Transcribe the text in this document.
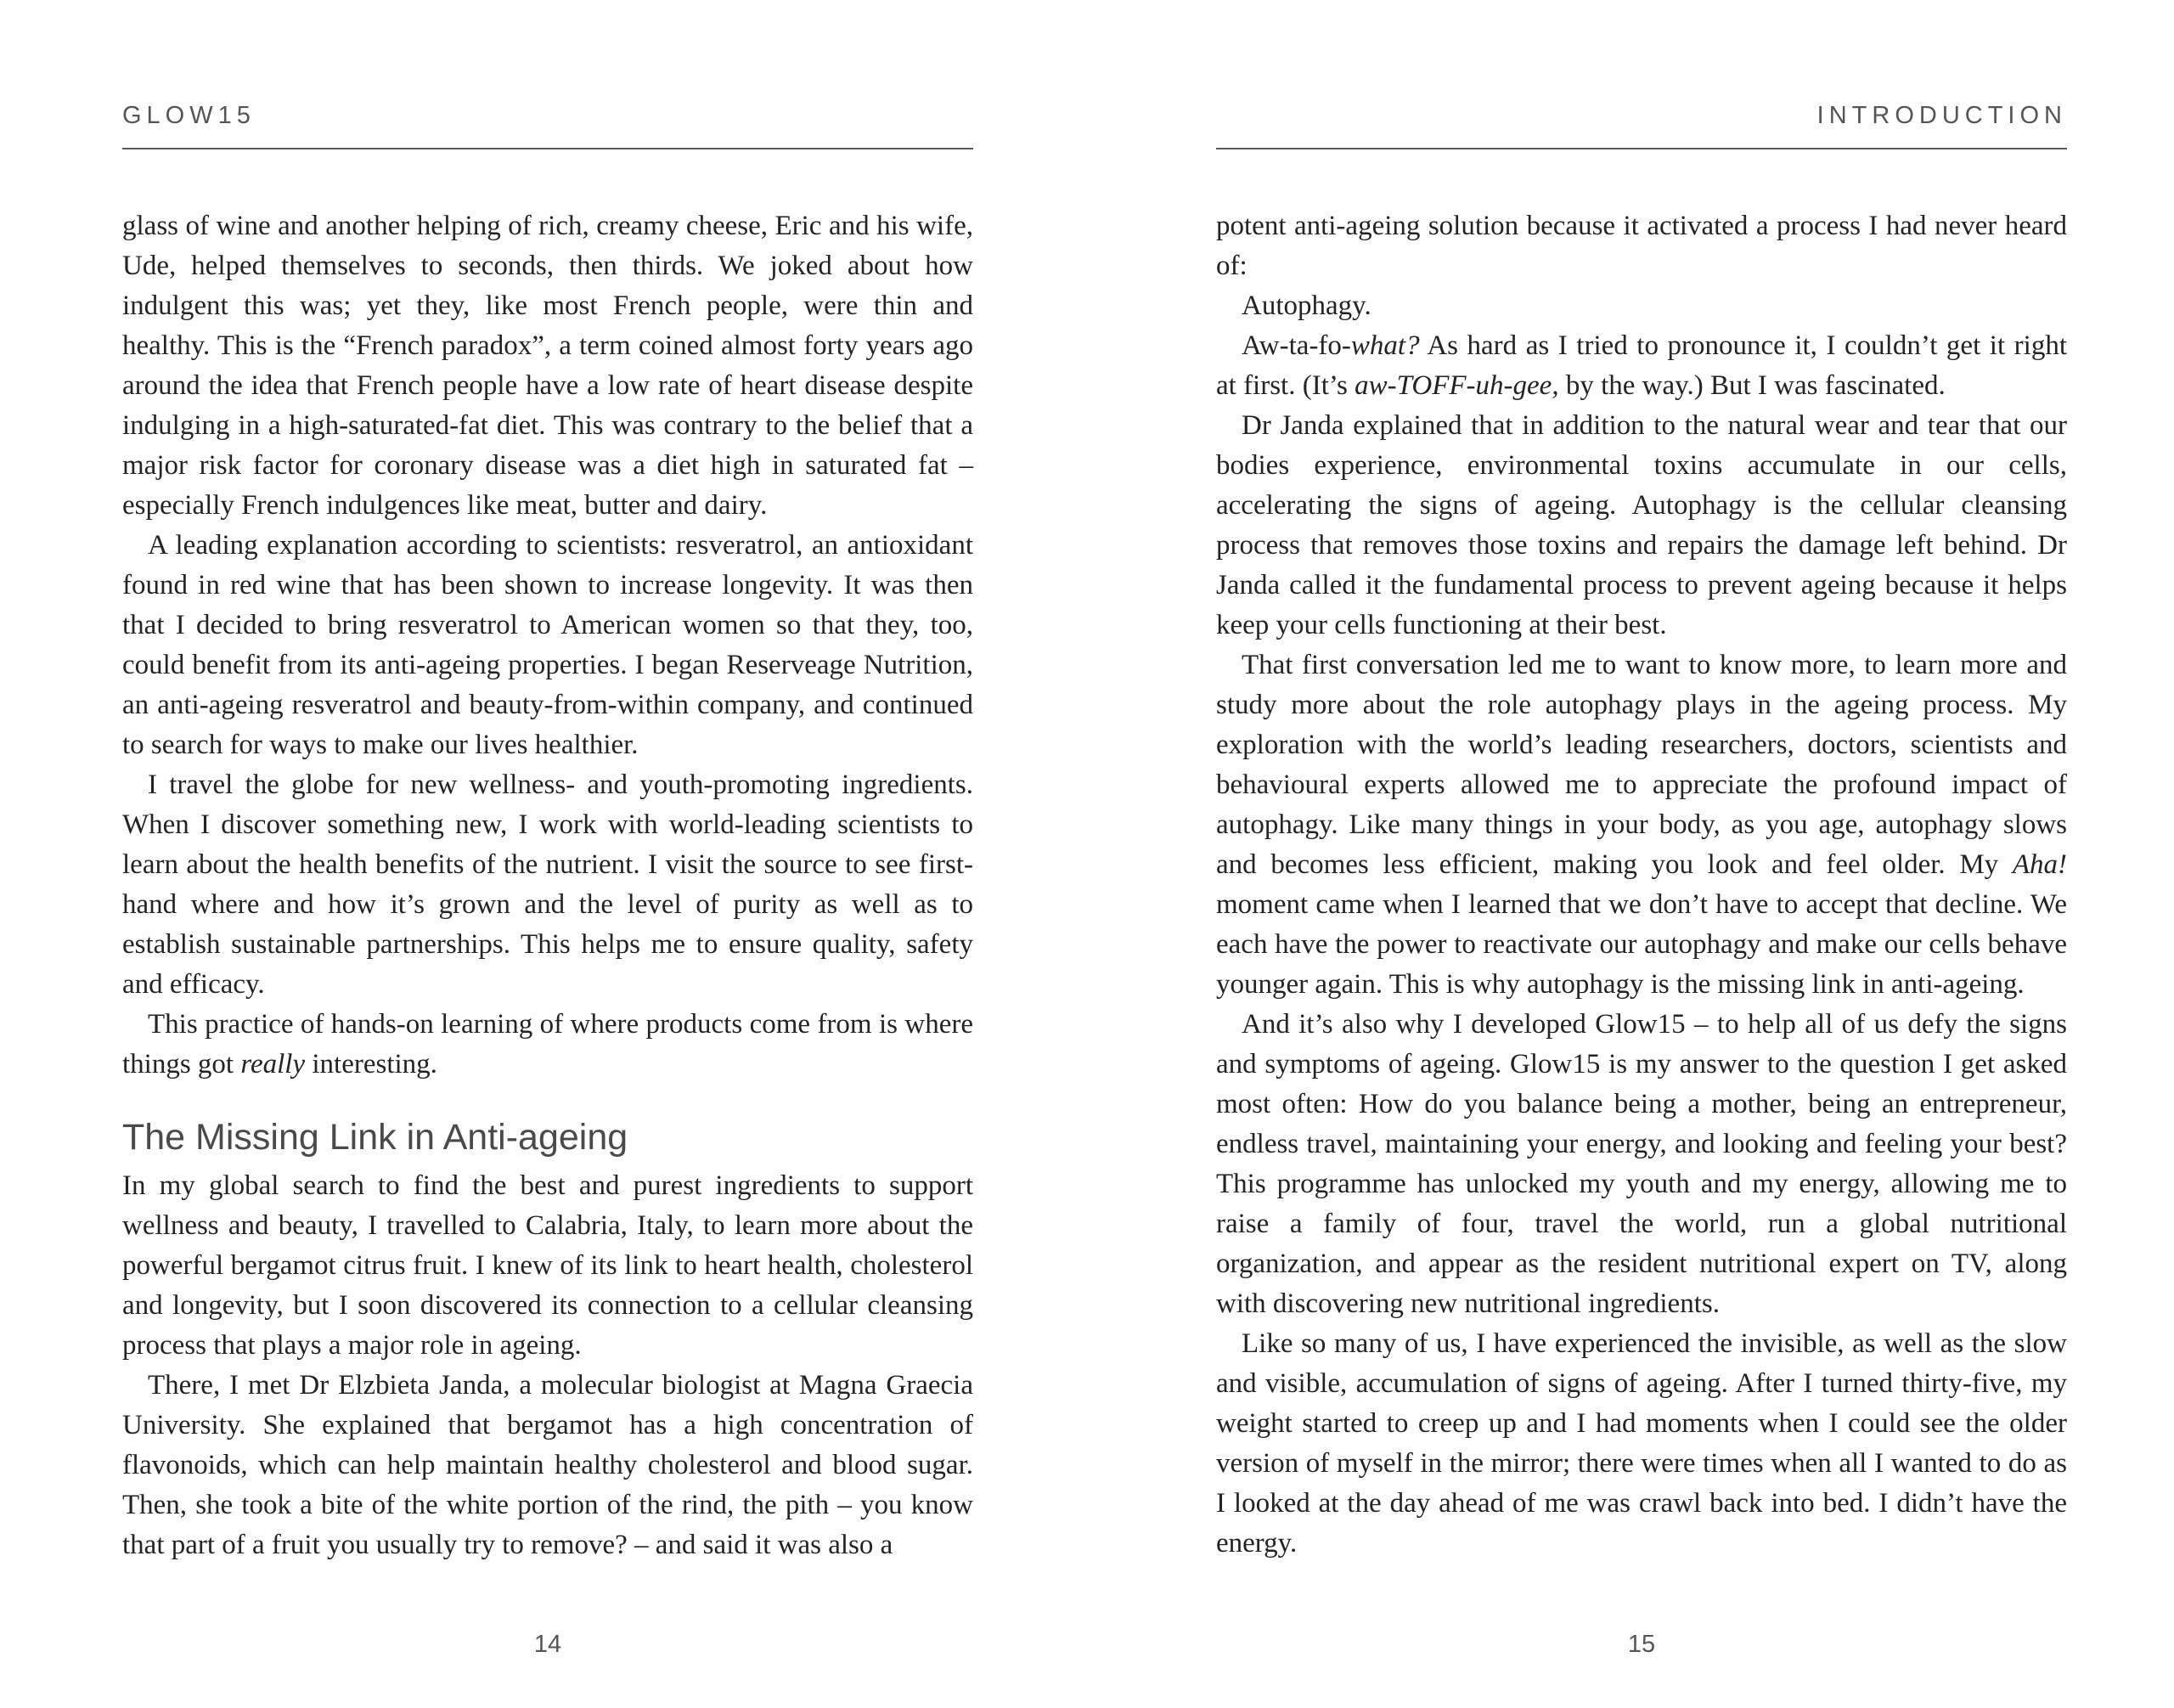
GLOW15

glass of wine and another helping of rich, creamy cheese, Eric and his wife, Ude, helped themselves to seconds, then thirds. We joked about how indulgent this was; yet they, like most French people, were thin and healthy. This is the “French paradox”, a term coined almost forty years ago around the idea that French people have a low rate of heart disease despite indulging in a high-saturated-fat diet. This was contrary to the belief that a major risk factor for coronary disease was a diet high in saturated fat – especially French indulgences like meat, butter and dairy.

A leading explanation according to scientists: resveratrol, an antioxidant found in red wine that has been shown to increase longevity. It was then that I decided to bring resveratrol to American women so that they, too, could benefit from its anti-ageing properties. I began Reserveage Nutrition, an anti-ageing resveratrol and beauty-from-within company, and continued to search for ways to make our lives healthier.

I travel the globe for new wellness- and youth-promoting ingredients. When I discover something new, I work with world-leading scientists to learn about the health benefits of the nutrient. I visit the source to see first-hand where and how it’s grown and the level of purity as well as to establish sustainable partnerships. This helps me to ensure quality, safety and efficacy.

This practice of hands-on learning of where products come from is where things got really interesting.

The Missing Link in Anti-ageing

In my global search to find the best and purest ingredients to support wellness and beauty, I travelled to Calabria, Italy, to learn more about the powerful bergamot citrus fruit. I knew of its link to heart health, cholesterol and longevity, but I soon discovered its connection to a cellular cleansing process that plays a major role in ageing.

There, I met Dr Elzbieta Janda, a molecular biologist at Magna Graecia University. She explained that bergamot has a high concentration of flavonoids, which can help maintain healthy cholesterol and blood sugar. Then, she took a bite of the white portion of the rind, the pith – you know that part of a fruit you usually try to remove? – and said it was also a

14
INTRODUCTION

potent anti-ageing solution because it activated a process I had never heard of:

Autophagy.

Aw-ta-fo-what? As hard as I tried to pronounce it, I couldn’t get it right at first. (It’s aw-TOFF-uh-gee, by the way.) But I was fascinated.

Dr Janda explained that in addition to the natural wear and tear that our bodies experience, environmental toxins accumulate in our cells, accelerating the signs of ageing. Autophagy is the cellular cleansing process that removes those toxins and repairs the damage left behind. Dr Janda called it the fundamental process to prevent ageing because it helps keep your cells functioning at their best.

That first conversation led me to want to know more, to learn more and study more about the role autophagy plays in the ageing process. My exploration with the world’s leading researchers, doctors, scientists and behavioural experts allowed me to appreciate the profound impact of autophagy. Like many things in your body, as you age, autophagy slows and becomes less efficient, making you look and feel older. My Aha! moment came when I learned that we don’t have to accept that decline. We each have the power to reactivate our autophagy and make our cells behave younger again. This is why autophagy is the missing link in anti-ageing.

And it’s also why I developed Glow15 – to help all of us defy the signs and symptoms of ageing. Glow15 is my answer to the question I get asked most often: How do you balance being a mother, being an entrepreneur, endless travel, maintaining your energy, and looking and feeling your best? This programme has unlocked my youth and my energy, allowing me to raise a family of four, travel the world, run a global nutritional organization, and appear as the resident nutritional expert on TV, along with discovering new nutritional ingredients.

Like so many of us, I have experienced the invisible, as well as the slow and visible, accumulation of signs of ageing. After I turned thirty-five, my weight started to creep up and I had moments when I could see the older version of myself in the mirror; there were times when all I wanted to do as I looked at the day ahead of me was crawl back into bed. I didn’t have the energy.

15
